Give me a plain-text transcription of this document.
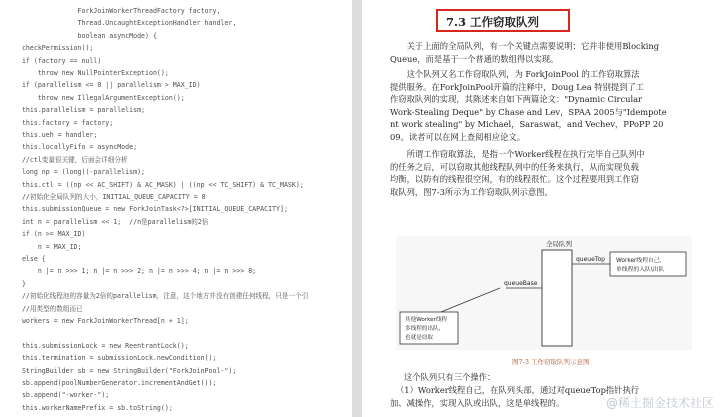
ForkJoinWorkerThreadFactory factory,
Thread.UncaughtExceptionHandler handler,
boolean asyncMode) {
checkPermission();
if (factory == null)
throw new NullPointerException();
if (parallelism <= 0 || parallelism > MAX_ID)
throw new IllegalArgumentException();
this.parallelism = parallelism;
this.factory = factory;
this.ueh = handler;
this.locallyFifo = asyncMode;
//ctl变量很关键，后面会详细分析
long np = (long)(-parallelism);
this.ctl = ((np << AC_SHIFT) & AC_MASK) | ((np << TC_SHIFT) & TC_MASK);
//初始化全局队列的大小，INITIAL_QUEUE_CAPACITY = 8
this.submissionQueue = new ForkJoinTask<?>[INITIAL_QUEUE_CAPACITY];
int n = parallelism << 1;  //n是parallelism的2倍
if (n >= MAX_ID)
n = MAX_ID;
else {
n |= n >>> 1; n |= n >>> 2; n |= n >>> 4; n |= n >>> 8;
}
//初始化线程池的容量为2倍的parallelism，注意，这个地方并没有创建任何线程，只是一个引
//用类型的数组而已
workers = new ForkJoinWorkerThread[n + 1];
this.submissionLock = new ReentrantLock();
this.termination = submissionLock.newCondition();
StringBuilder sb = new StringBuilder("ForkJoinPool-");
sb.append(poolNumberGenerator.incrementAndGet());
sb.append("-worker-");
this.workerNamePrefix = sb.toString();
7.3 工作窃取队列

　　关于上面的全局队列，有一个关键点需要说明：它并非使用Blocking

Queue，而是基于一个普通的数组得以实现。

　　这个队列又名工作窃取队列，为 ForkJoinPool 的工作窃取算法

提供服务。在ForkJoinPool开篇的注释中，Doug Lea 特别提到了工

作窃取队列的实现，其陈述来自如下两篇论文："Dynamic Circular

Work-Stealing Deque" by Chase and Lev，SPAA 2005与"Idempote

nt work stealing" by Michael，Saraswat，and Vechev，PPoPP 20

09。读者可以在网上查阅相应论文。

　　所谓工作窃取算法，是指一个Worker线程在执行完毕自己队列中

的任务之后，可以窃取其他线程队列中的任务来执行，从而实现负载

均衡，以防有的线程很空闲，有的线程很忙。这个过程要用到工作窃

取队列，图7-3所示为工作窃取队列示意图。

全局队列
queueTop Worker线程自己，
单线程的入队\出队
queueBase
其他Worker线程
多线程的出队，
也就是窃取
图7-3 工作窃取队列示意图

这个队列只有三个操作：

（1）Worker线程自己，在队列头部，通过对queueTop指针执行

加、减操作，实现入队或出队，这是单线程的。	@稀土掘金技术社区
